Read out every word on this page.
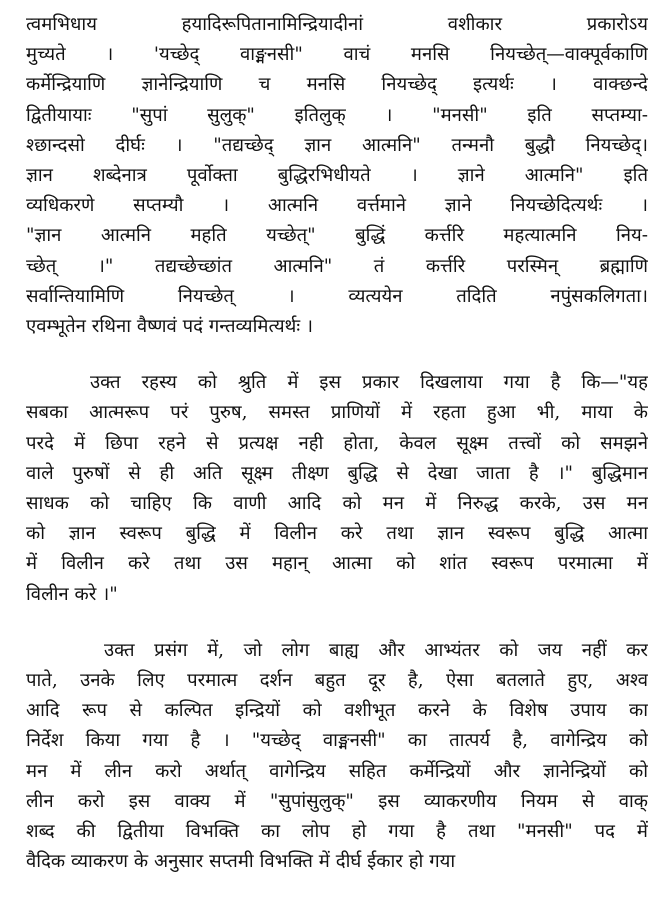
त्वमभिधाय हयादिरूपितानामिन्द्रियादीनां वशीकार प्रकारोऽय
मुच्यते । 'यच्छेद् वाङ्मनसी" वाचं मनसि नियच्छेत्—वाक्पूर्वकाणि
कर्मेन्द्रियाणि ज्ञानेन्द्रियाणि च मनसि नियच्छेद् इत्यर्थः । वाक्छन्दे
द्वितीयायाः "सुपां सुलुक्" इतिलुक् । "मनसी" इति सप्तम्या-
श्छान्दसो दीर्घः । "तद्यच्छेद् ज्ञान आत्मनि" तन्मनौ बुद्धौ नियच्छेद्।
ज्ञान शब्देनात्र पूर्वोक्ता बुद्धिरभिधीयते । ज्ञाने आत्मनि" इति
व्यधिकरणे सप्तम्यौ । आत्मनि वर्त्तमाने ज्ञाने नियच्छेदित्यर्थः ।
"ज्ञान आत्मनि महति यच्छेत्" बुद्धिं कर्त्तरि महत्यात्मनि निय-
च्छेत् ।" तद्यच्छेच्छांत आत्मनि" तं कर्त्तरि परस्मिन् ब्रह्माणि
सर्वान्तियामिणि नियच्छेत् । व्यत्ययेन तदिति नपुंसकलिगता।
एवम्भूतेन रथिना वैष्णवं पदं गन्तव्यमित्यर्थः ।
उक्त रहस्य को श्रुति में इस प्रकार दिखलाया गया है कि—"यह
सबका आत्मरूप परं पुरुष, समस्त प्राणियों में रहता हुआ भी, माया के
परदे में छिपा रहने से प्रत्यक्ष नही होता, केवल सूक्ष्म तत्त्वों को समझने
वाले पुरुषों से ही अति सूक्ष्म तीक्ष्ण बुद्धि से देखा जाता है ।" बुद्धिमान
साधक को चाहिए कि वाणी आदि को मन में निरुद्ध करके, उस मन
को ज्ञान स्वरूप बुद्धि में विलीन करे तथा ज्ञान स्वरूप बुद्धि आत्मा
में विलीन करे तथा उस महान् आत्मा को शांत स्वरूप परमात्मा में
विलीन करे ।"
उक्त प्रसंग में, जो लोग बाह्य और आभ्यंतर को जय नहीं कर
पाते, उनके लिए परमात्म दर्शन बहुत दूर है, ऐसा बतलाते हुए, अश्व
आदि रूप से कल्पित इन्द्रियों को वशीभूत करने के विशेष उपाय का
निर्देश किया गया है । "यच्छेद् वाङ्मनसी" का तात्पर्य है, वागेन्द्रिय को
मन में लीन करो अर्थात् वागेन्द्रिय सहित कर्मेन्द्रियों और ज्ञानेन्द्रियों को
लीन करो इस वाक्य में "सुपांसुलुक्" इस व्याकरणीय नियम से वाक्
शब्द की द्वितीया विभक्ति का लोप हो गया है तथा "मनसी" पद में
वैदिक व्याकरण के अनुसार सप्तमी विभक्ति में दीर्घ ईकार हो गया
